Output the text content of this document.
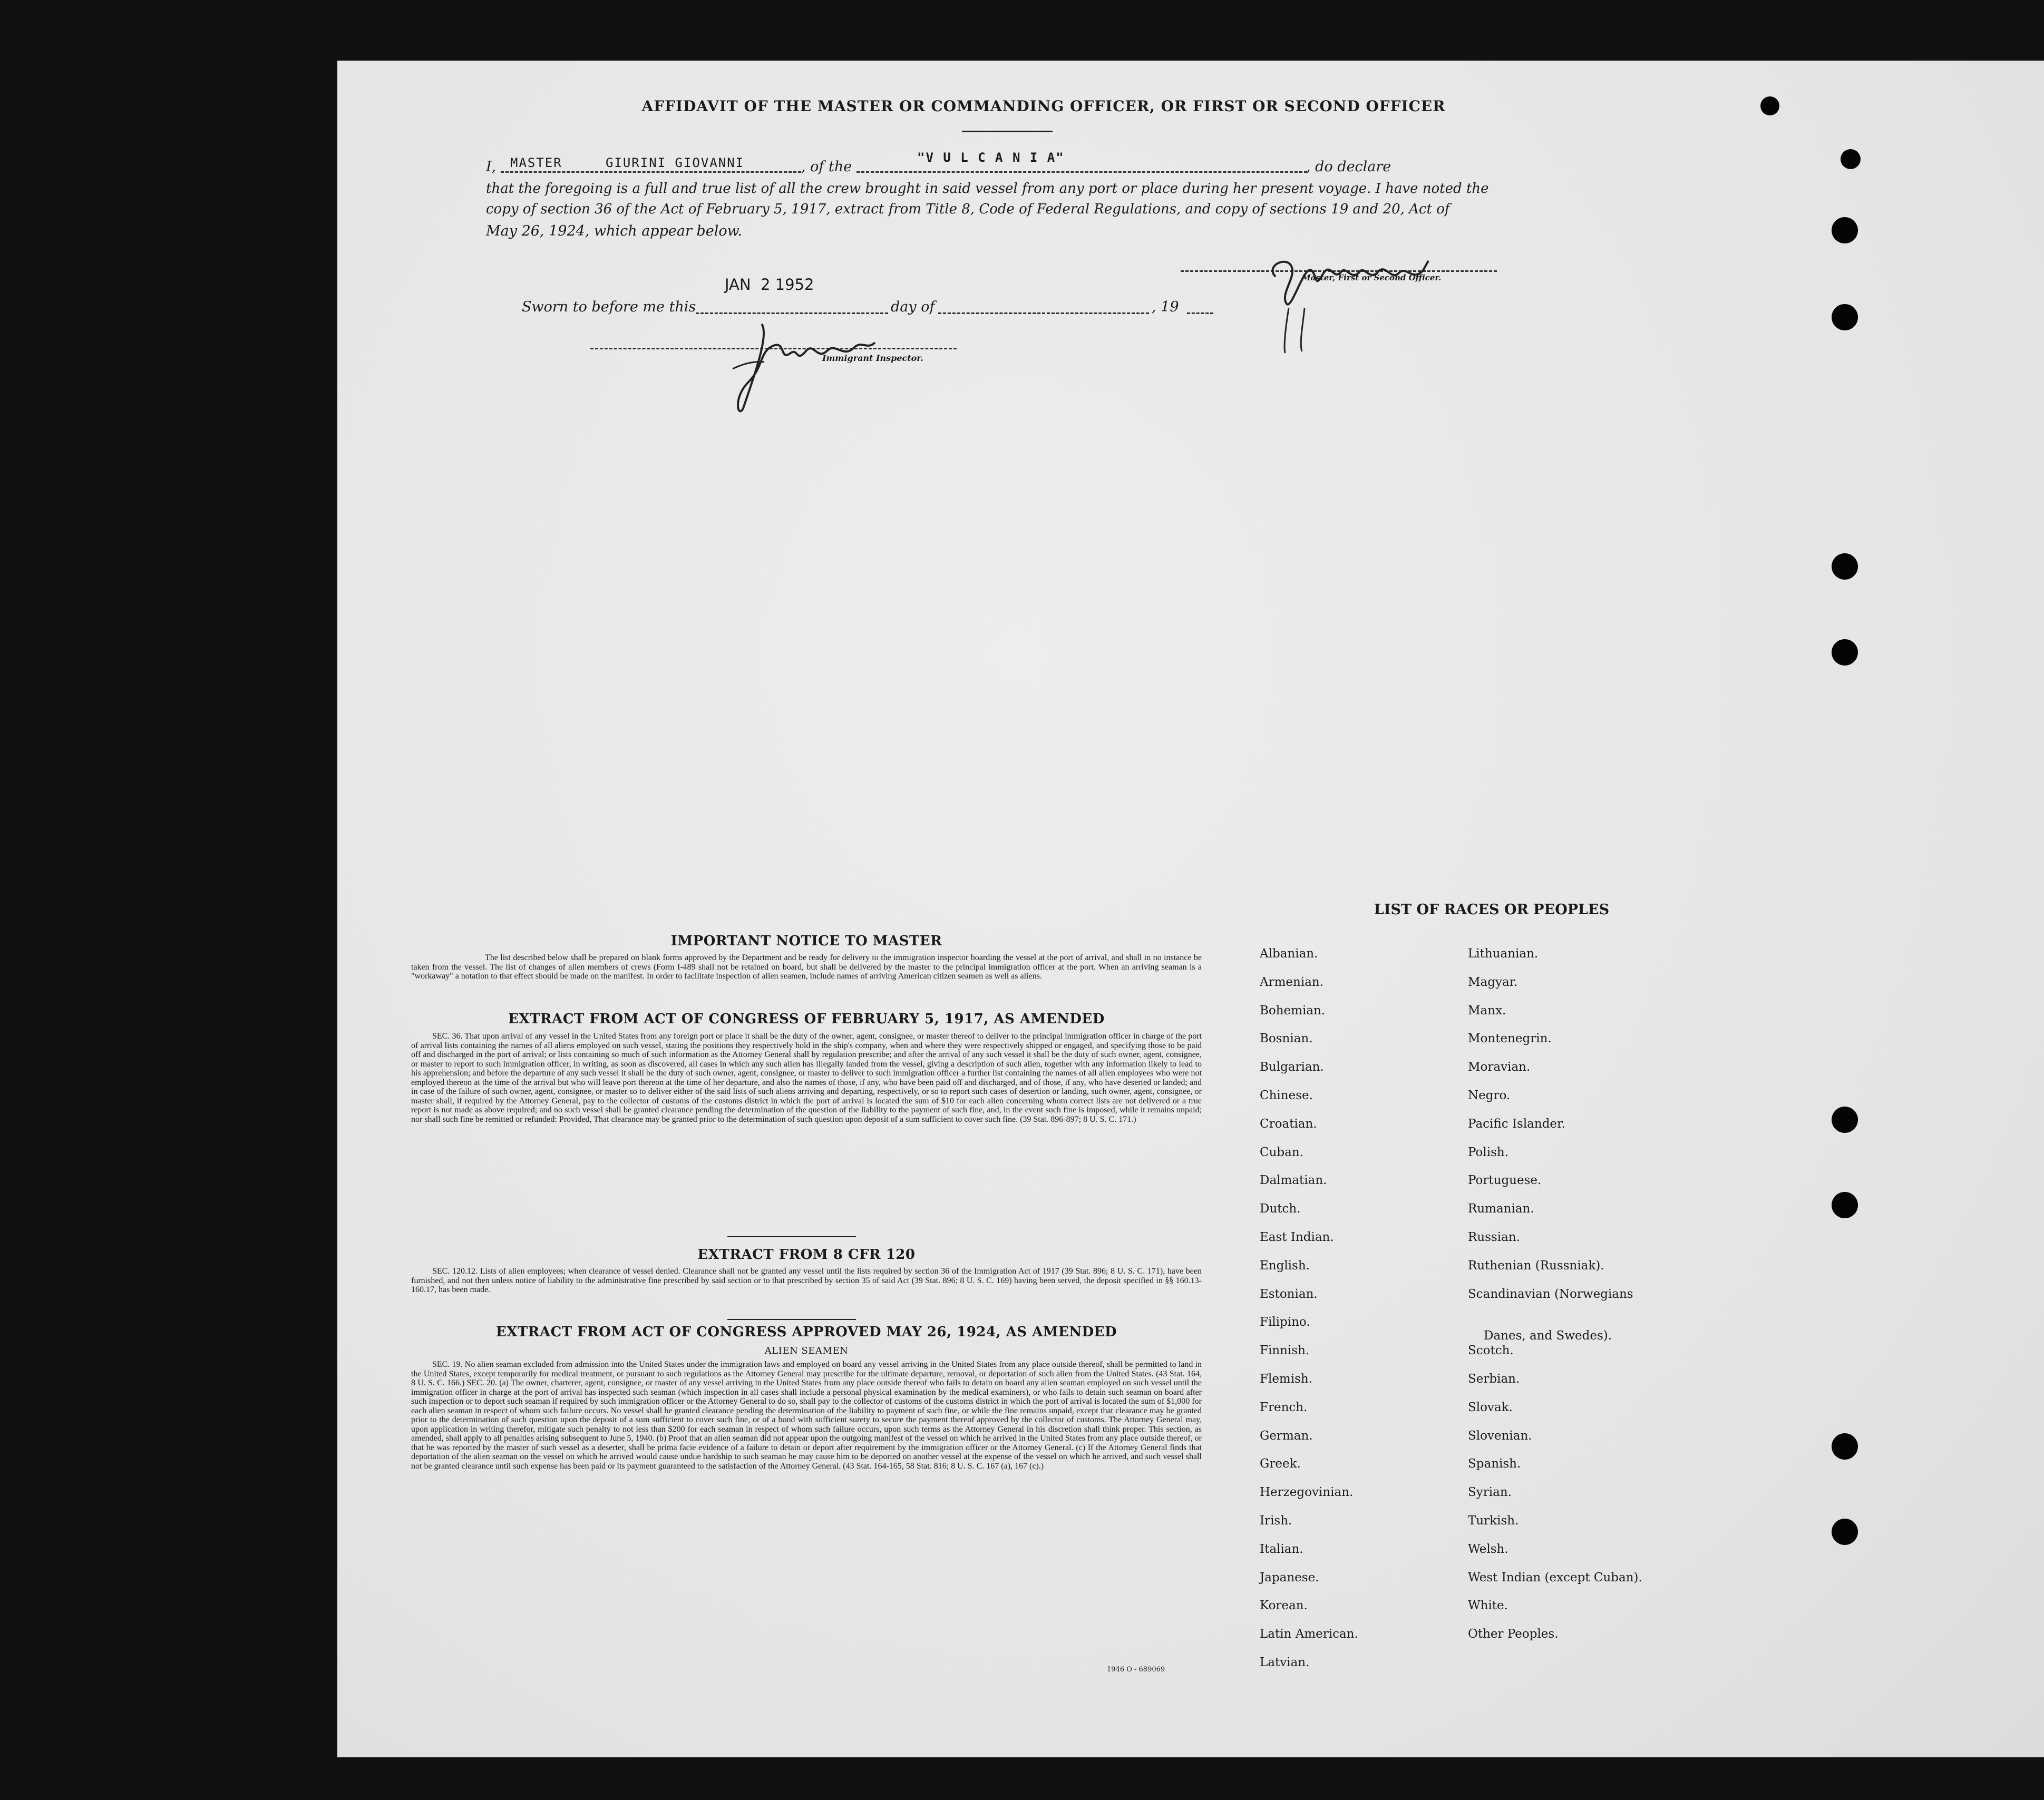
AFFIDAVIT OF THE MASTER OR COMMANDING OFFICER, OR FIRST OR SECOND OFFICER
I, MASTER     GIURINI GIOVANNI	, of the
"V U L C A N I A"
, do declare
that the foregoing is a full and true list of all the crew brought in said vessel from any port or place during her present voyage. I have noted the
copy of section 36 of the Act of February 5, 1917, extract from Title 8, Code of Federal Regulations, and copy of sections 19 and 20, Act of
May 26, 1924, which appear below.
Master, First or Second Officer.
JAN  2 1952
Sworn to before me this	day of	, 19
Immigrant Inspector.
IMPORTANT NOTICE TO MASTER
The list described below shall be prepared on blank forms approved by the Department and be ready for delivery to the immigration inspector boarding the vessel at the port of arrival, and shall in no instance be taken from the vessel. The list of changes of alien members of crews (Form I-489 shall not be retained on board, but shall be delivered by the master to the principal immigration officer at the port. When an arriving seaman is a "workaway" a notation to that effect should be made on the manifest. In order to facilitate inspection of alien seamen, include names of arriving American citizen seamen as well as aliens.
EXTRACT FROM ACT OF CONGRESS OF FEBRUARY 5, 1917, AS AMENDED
SEC. 36. That upon arrival of any vessel in the United States from any foreign port or place it shall be the duty of the owner, agent, consignee, or master thereof to deliver to the principal immigration officer in charge of the port of arrival lists containing the names of all aliens employed on such vessel, stating the positions they respectively hold in the ship's company, when and where they were respectively shipped or engaged, and specifying those to be paid off and discharged in the port of arrival; or lists containing so much of such information as the Attorney General shall by regulation prescribe; and after the arrival of any such vessel it shall be the duty of such owner, agent, consignee, or master to report to such immigration officer, in writing, as soon as discovered, all cases in which any such alien has illegally landed from the vessel, giving a description of such alien, together with any information likely to lead to his apprehension; and before the departure of any such vessel it shall be the duty of such owner, agent, consignee, or master to deliver to such immigration officer a further list containing the names of all alien employees who were not employed thereon at the time of the arrival but who will leave port thereon at the time of her departure, and also the names of those, if any, who have been paid off and discharged, and of those, if any, who have deserted or landed; and in case of the failure of such owner, agent, consignee, or master so to deliver either of the said lists of such aliens arriving and departing, respectively, or so to report such cases of desertion or landing, such owner, agent, consignee, or master shall, if required by the Attorney General, pay to the collector of customs of the customs district in which the port of arrival is located the sum of $10 for each alien concerning whom correct lists are not delivered or a true report is not made as above required; and no such vessel shall be granted clearance pending the determination of the question of the liability to the payment of such fine, and, in the event such fine is imposed, while it remains unpaid; nor shall such fine be remitted or refunded: Provided, That clearance may be granted prior to the determination of such question upon deposit of a sum sufficient to cover such fine. (39 Stat. 896-897; 8 U. S. C. 171.)
EXTRACT FROM 8 CFR 120
SEC. 120.12. Lists of alien employees; when clearance of vessel denied. Clearance shall not be granted any vessel until the lists required by section 36 of the Immigration Act of 1917 (39 Stat. 896; 8 U. S. C. 171), have been furnished, and not then unless notice of liability to the administrative fine prescribed by said section or to that prescribed by section 35 of said Act (39 Stat. 896; 8 U. S. C. 169) having been served, the deposit specified in §§ 160.13-160.17, has been made.
EXTRACT FROM ACT OF CONGRESS APPROVED MAY 26, 1924, AS AMENDED
ALIEN SEAMEN
SEC. 19. No alien seaman excluded from admission into the United States under the immigration laws and employed on board any vessel arriving in the United States from any place outside thereof, shall be permitted to land in the United States, except temporarily for medical treatment, or pursuant to such regulations as the Attorney General may prescribe for the ultimate departure, removal, or deportation of such alien from the United States. (43 Stat. 164, 8 U. S. C. 166.) SEC. 20. (a) The owner, charterer, agent, consignee, or master of any vessel arriving in the United States from any place outside thereof who fails to detain on board any alien seaman employed on such vessel until the immigration officer in charge at the port of arrival has inspected such seaman (which inspection in all cases shall include a personal physical examination by the medical examiners), or who fails to detain such seaman on board after such inspection or to deport such seaman if required by such immigration officer or the Attorney General to do so, shall pay to the collector of customs of the customs district in which the port of arrival is located the sum of $1,000 for each alien seaman in respect of whom such failure occurs. No vessel shall be granted clearance pending the determination of the liability to payment of such fine, or while the fine remains unpaid, except that clearance may be granted prior to the determination of such question upon the deposit of a sum sufficient to cover such fine, or of a bond with sufficient surety to secure the payment thereof approved by the collector of customs. The Attorney General may, upon application in writing therefor, mitigate such penalty to not less than $200 for each seaman in respect of whom such failure occurs, upon such terms as the Attorney General in his discretion shall think proper. This section, as amended, shall apply to all penalties arising subsequent to June 5, 1940. (b) Proof that an alien seaman did not appear upon the outgoing manifest of the vessel on which he arrived in the United States from any place outside thereof, or that he was reported by the master of such vessel as a deserter, shall be prima facie evidence of a failure to detain or deport after requirement by the immigration officer or the Attorney General. (c) If the Attorney General finds that deportation of the alien seaman on the vessel on which he arrived would cause undue hardship to such seaman he may cause him to be deported on another vessel at the expense of the vessel on which he arrived, and such vessel shall not be granted clearance until such expense has been paid or its payment guaranteed to the satisfaction of the Attorney General. (43 Stat. 164-165, 58 Stat. 816; 8 U. S. C. 167 (a), 167 (c).)
1946 O - 689069
LIST OF RACES OR PEOPLES
Albanian.
Armenian.
Bohemian.
Bosnian.
Bulgarian.
Chinese.
Croatian.
Cuban.
Dalmatian.
Dutch.
East Indian.
English.
Estonian.
Filipino.
Finnish.
Flemish.
French.
German.
Greek.
Herzegovinian.
Irish.
Italian.
Japanese.
Korean.
Latin American.
Latvian.
Lithuanian.
Magyar.
Manx.
Montenegrin.
Moravian.
Negro.
Pacific Islander.
Polish.
Portuguese.
Rumanian.
Russian.
Ruthenian (Russniak).
Scandinavian (Norwegians
Danes, and Swedes).
Scotch.
Serbian.
Slovak.
Slovenian.
Spanish.
Syrian.
Turkish.
Welsh.
West Indian (except Cuban).
White.
Other Peoples.
